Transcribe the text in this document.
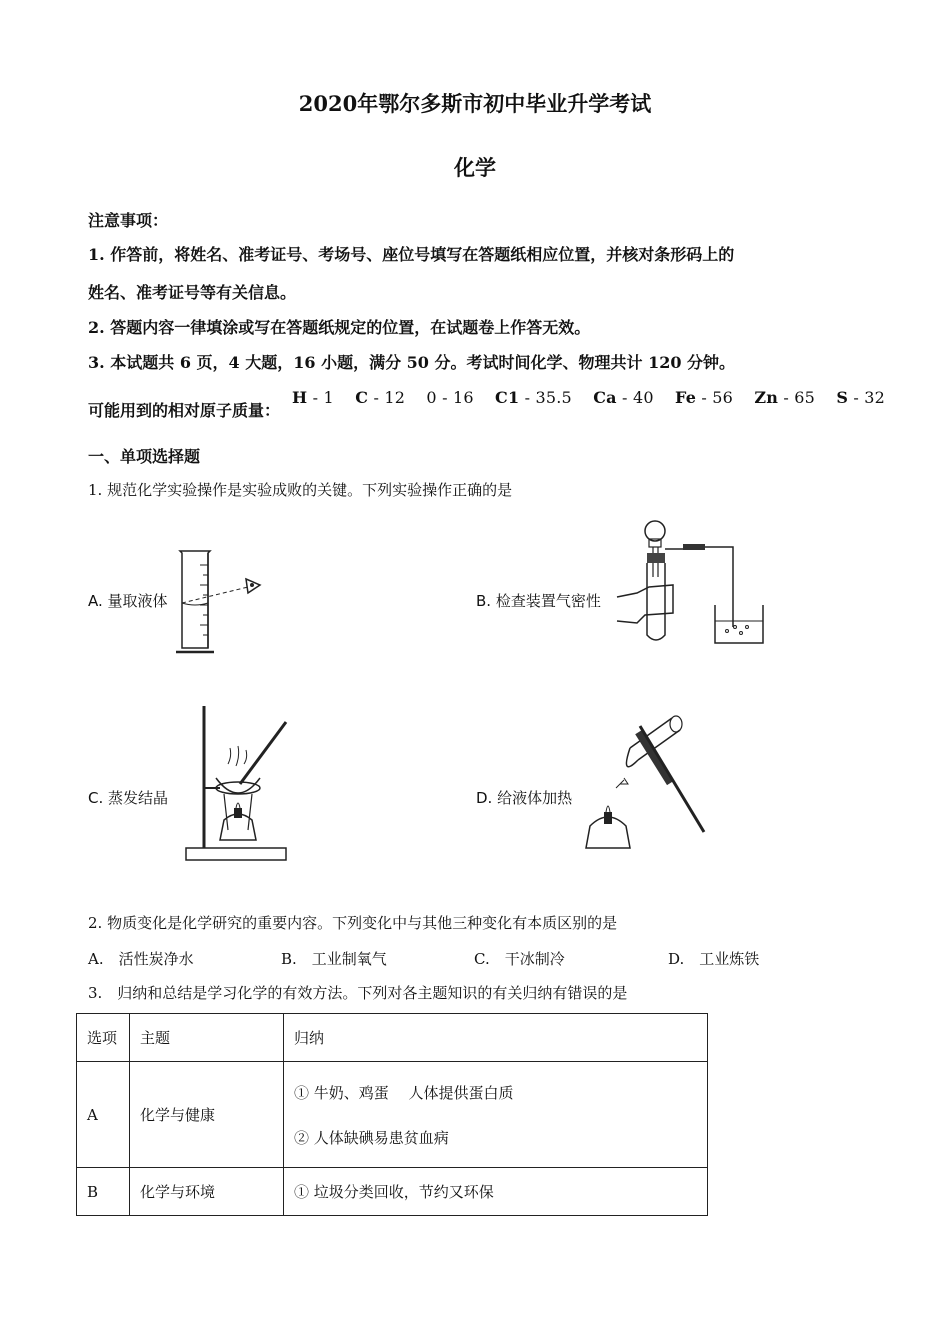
2020年鄂尔多斯市初中毕业升学考试
化学
注意事项：
1. 作答前，将姓名、准考证号、考场号、座位号填写在答题纸相应位置，并核对条形码上的
姓名、准考证号等有关信息。
2. 答题内容一律填涂或写在答题纸规定的位置，在试题卷上作答无效。
3. 本试题共 6 页，4 大题，16 小题，满分 50 分。考试时间化学、物理共计 120 分钟。
可能用到的相对原子质量：
H - 1 C - 12 0 - 16 C1 - 35.5 Ca - 40 Fe - 56 Zn - 65 S - 32
一、单项选择题
1. 规范化学实验操作是实验成败的关键。下列实验操作正确的是
A. 量取液体	B. 检查装置气密性
C. 蒸发结晶	D. 给液体加热
2. 物质变化是化学研究的重要内容。下列变化中与其他三种变化有本质区别的是
A.　活性炭净水	B.　工业制氧气	C.　干冰制冷	D.　工业炼铁
3.　归纳和总结是学习化学的有效方法。下列对各主题知识的有关归纳有错误的是
选项	主题	归纳
A	化学与健康	① 牛奶、鸡蛋　 人体提供蛋白质
② 人体缺碘易患贫血病

B	化学与环境	① 垃圾分类回收，节约又环保
